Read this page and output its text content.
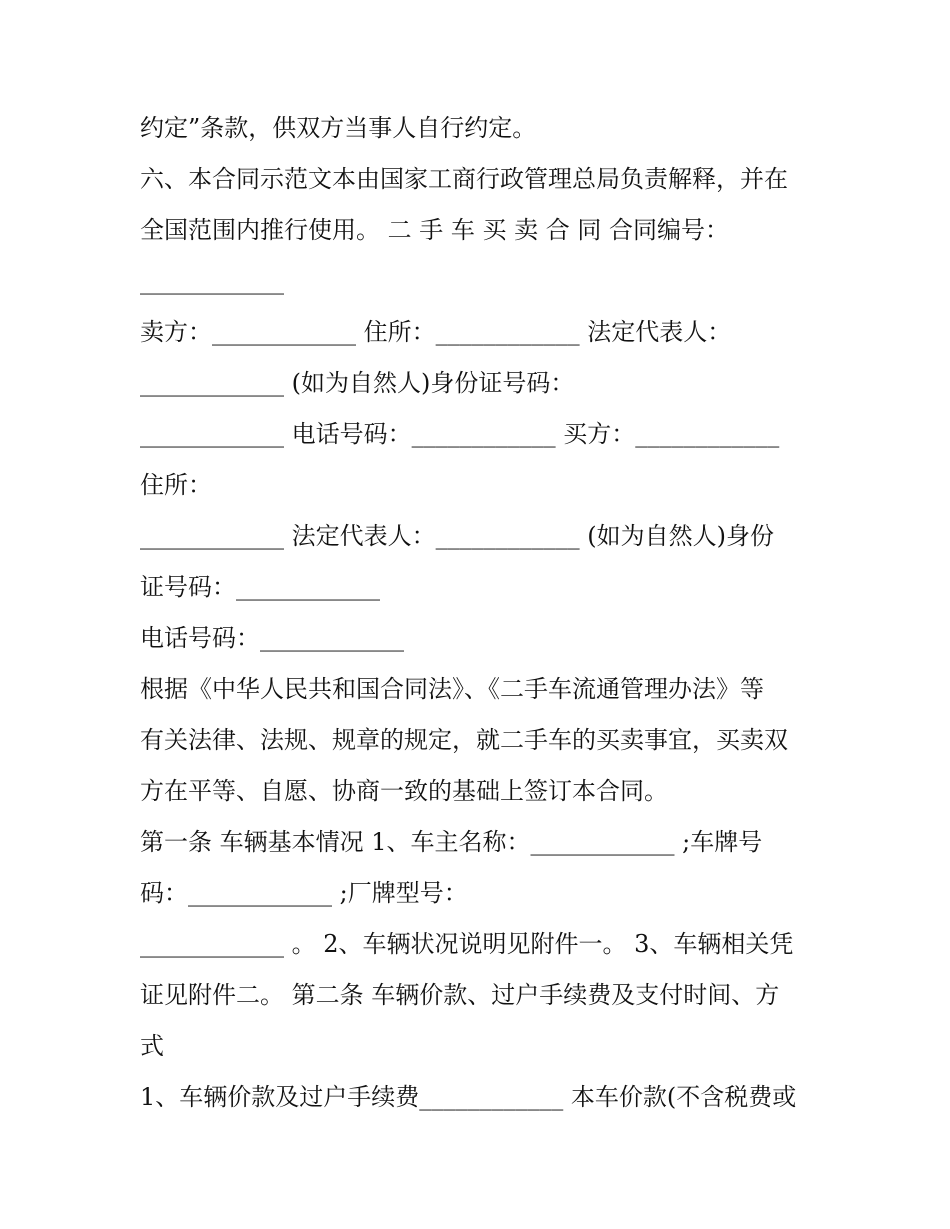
约定”条款，供双方当事人自行约定。
六、本合同示范文本由国家工商行政管理总局负责解释，并在
全国范围内推行使用。 二 手 车 买 卖 合 同 合同编号：
____________
卖方：____________ 住所：____________ 法定代表人：
____________ (如为自然人)身份证号码：
____________ 电话号码：____________ 买方：____________
住所：
____________ 法定代表人：____________ (如为自然人)身份
证号码：____________
电话号码：____________
根据《中华人民共和国合同法》、《二手车流通管理办法》等
有关法律、法规、规章的规定，就二手车的买卖事宜，买卖双
方在平等、自愿、协商一致的基础上签订本合同。
第一条 车辆基本情况 1、车主名称：____________ ;车牌号
码：____________ ;厂牌型号：
____________ 。 2、车辆状况说明见附件一。 3、车辆相关凭
证见附件二。 第二条 车辆价款、过户手续费及支付时间、方
式
1、车辆价款及过户手续费____________ 本车价款(不含税费或
